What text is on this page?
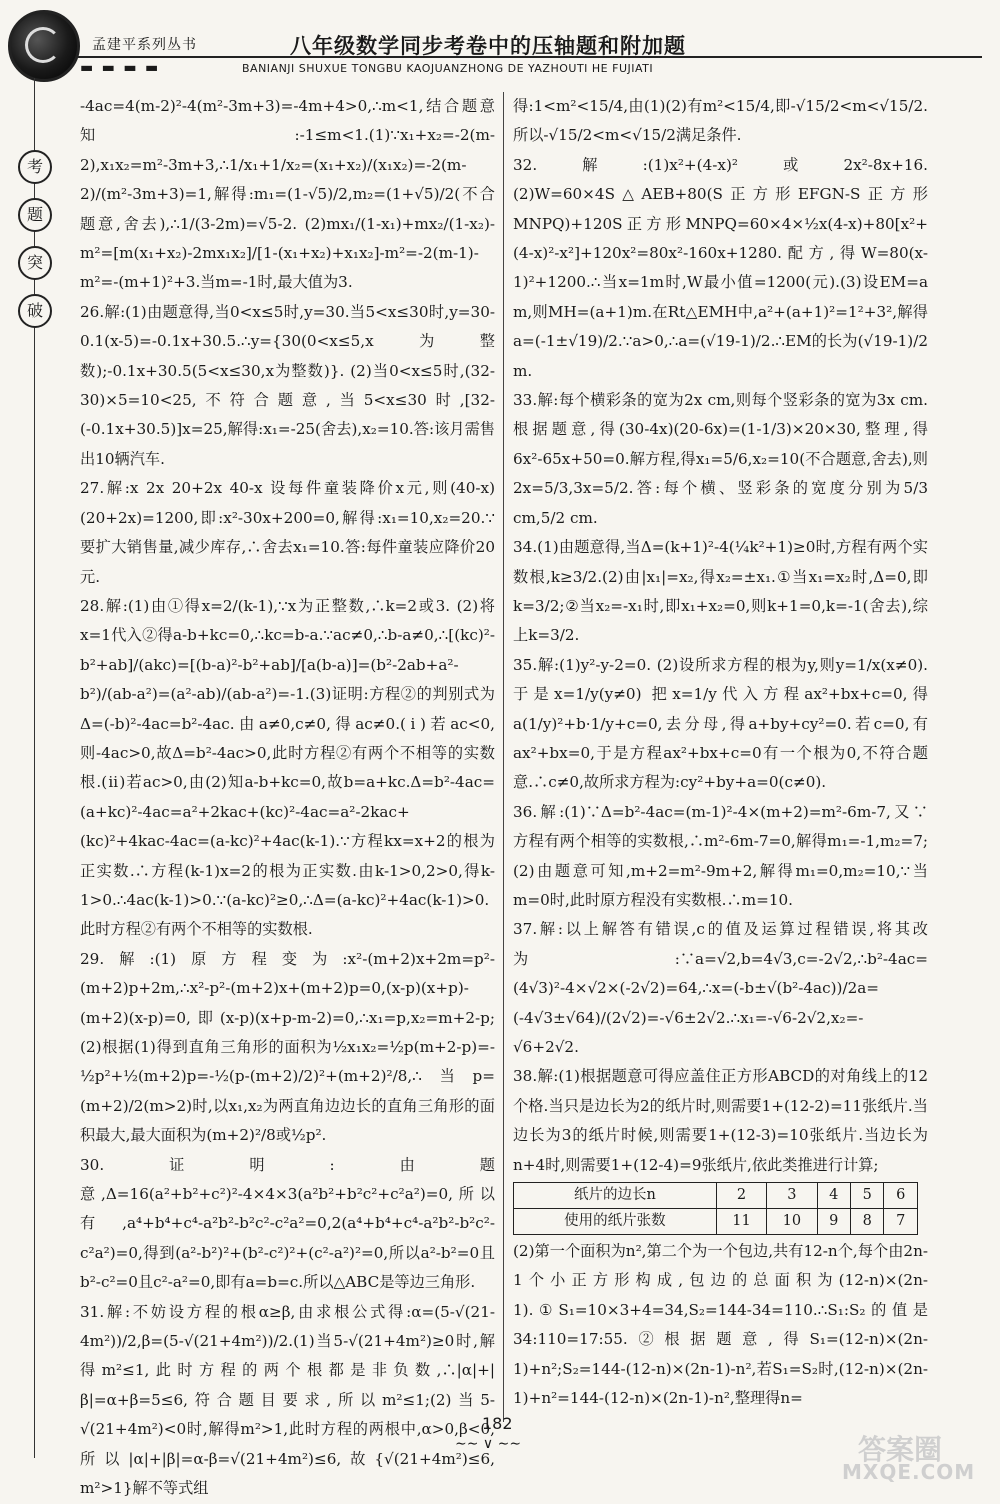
孟建平系列丛书
▬ ▬ ▬ ▬
八年级数学同步考卷中的压轴题和附加题
BANIANJI SHUXUE TONGBU KAOJUANZHONG DE YAZHOUTI HE FUJIATI
考
题
突
破

-4ac=4(m-2)²-4(m²-3m+3)=-4m+4>0,∴m<1,结合题意知:-1≤m<1.(1)∵x₁+x₂=-2(m-2),x₁x₂=m²-3m+3,∴1/x₁+1/x₂=(x₁+x₂)/(x₁x₂)=-2(m-2)/(m²-3m+3)=1,解得:m₁=(1-√5)/2,m₂=(1+√5)/2(不合题意,舍去),∴1/(3-2m)=√5-2. (2)mx₁/(1-x₁)+mx₂/(1-x₂)-m²=[m(x₁+x₂)-2mx₁x₂]/[1-(x₁+x₂)+x₁x₂]-m²=-2(m-1)-m²=-(m+1)²+3.当m=-1时,最大值为3.

26.解:(1)由题意得,当0<x≤5时,y=30.当5<x≤30时,y=30-0.1(x-5)=-0.1x+30.5.∴y={30(0<x≤5,x为整数);-0.1x+30.5(5<x≤30,x为整数)}. (2)当0<x≤5时,(32-30)×5=10<25,不符合题意,当5<x≤30时,[32-(-0.1x+30.5)]x=25,解得:x₁=-25(舍去),x₂=10.答:该月需售出10辆汽车.

27.解:x 2x 20+2x 40-x 设每件童装降价x元,则(40-x)(20+2x)=1200,即:x²-30x+200=0,解得:x₁=10,x₂=20.∵要扩大销售量,减少库存,∴舍去x₁=10.答:每件童装应降价20元.

28.解:(1)由①得x=2/(k-1),∵x为正整数,∴k=2或3. (2)将x=1代入②得a-b+kc=0,∴kc=b-a.∵ac≠0,∴b-a≠0,∴[(kc)²-b²+ab]/(akc)=[(b-a)²-b²+ab]/[a(b-a)]=(b²-2ab+a²-b²)/(ab-a²)=(a²-ab)/(ab-a²)=-1.(3)证明:方程②的判别式为Δ=(-b)²-4ac=b²-4ac.由a≠0,c≠0,得ac≠0.(ⅰ)若ac<0,则-4ac>0,故Δ=b²-4ac>0,此时方程②有两个不相等的实数根.(ⅱ)若ac>0,由(2)知a-b+kc=0,故b=a+kc.Δ=b²-4ac=(a+kc)²-4ac=a²+2kac+(kc)²-4ac=a²-2kac+(kc)²+4kac-4ac=(a-kc)²+4ac(k-1).∵方程kx=x+2的根为正实数.∴方程(k-1)x=2的根为正实数.由k-1>0,2>0,得k-1>0.∴4ac(k-1)>0.∵(a-kc)²≥0,∴Δ=(a-kc)²+4ac(k-1)>0.此时方程②有两个不相等的实数根.

29.解:(1)原方程变为:x²-(m+2)x+2m=p²-(m+2)p+2m,∴x²-p²-(m+2)x+(m+2)p=0,(x-p)(x+p)-(m+2)(x-p)=0,即(x-p)(x+p-m-2)=0,∴x₁=p,x₂=m+2-p;(2)根据(1)得到直角三角形的面积为½x₁x₂=½p(m+2-p)=-½p²+½(m+2)p=-½(p-(m+2)/2)²+(m+2)²/8,∴当p=(m+2)/2(m>2)时,以x₁,x₂为两直角边边长的直角三角形的面积最大,最大面积为(m+2)²/8或½p².

30.证明:由题意,Δ=16(a²+b²+c²)²-4×4×3(a²b²+b²c²+c²a²)=0,所以有,a⁴+b⁴+c⁴-a²b²-b²c²-c²a²=0,2(a⁴+b⁴+c⁴-a²b²-b²c²-c²a²)=0,得到(a²-b²)²+(b²-c²)²+(c²-a²)²=0,所以a²-b²=0且b²-c²=0且c²-a²=0,即有a=b=c.所以△ABC是等边三角形.

31.解:不妨设方程的根α≥β,由求根公式得:α=(5-√(21-4m²))/2,β=(5-√(21+4m²))/2.(1)当5-√(21+4m²)≥0时,解得m²≤1,此时方程的两个根都是非负数,∴|α|+|β|=α+β=5≤6,符合题目要求,所以m²≤1;(2)当5-√(21+4m²)<0时,解得m²>1,此时方程的两根中,α>0,β<0,所以|α|+|β|=α-β=√(21+4m²)≤6,故{√(21+4m²)≤6, m²>1}解不等式组

得:1<m²<15/4,由(1)(2)有m²<15/4,即-√15/2<m<√15/2.所以-√15/2<m<√15/2满足条件.

32.解:(1)x²+(4-x)²或2x²-8x+16.(2)W=60×4S△AEB+80(S正方形EFGN-S正方形MNPQ)+120S正方形MNPQ=60×4×½x(4-x)+80[x²+(4-x)²-x²]+120x²=80x²-160x+1280.配方,得W=80(x-1)²+1200.∴当x=1m时,W最小值=1200(元).(3)设EM=a m,则MH=(a+1)m.在Rt△EMH中,a²+(a+1)²=1²+3²,解得a=(-1±√19)/2.∵a>0,∴a=(√19-1)/2.∴EM的长为(√19-1)/2 m.

33.解:每个横彩条的宽为2x cm,则每个竖彩条的宽为3x cm.根据题意,得(30-4x)(20-6x)=(1-1/3)×20×30,整理,得6x²-65x+50=0.解方程,得x₁=5/6,x₂=10(不合题意,舍去),则2x=5/3,3x=5/2.答:每个横、竖彩条的宽度分别为5/3 cm,5/2 cm.

34.(1)由题意得,当Δ=(k+1)²-4(¼k²+1)≥0时,方程有两个实数根,k≥3/2.(2)由|x₁|=x₂,得x₂=±x₁.①当x₁=x₂时,Δ=0,即k=3/2;②当x₂=-x₁时,即x₁+x₂=0,则k+1=0,k=-1(舍去),综上k=3/2.

35.解:(1)y²-y-2=0. (2)设所求方程的根为y,则y=1/x(x≠0).于是x=1/y(y≠0) 把x=1/y代入方程ax²+bx+c=0,得a(1/y)²+b·1/y+c=0,去分母,得a+by+cy²=0.若c=0,有ax²+bx=0,于是方程ax²+bx+c=0有一个根为0,不符合题意.∴c≠0,故所求方程为:cy²+by+a=0(c≠0).

36.解:(1)∵Δ=b²-4ac=(m-1)²-4×(m+2)=m²-6m-7,又∵方程有两个相等的实数根,∴m²-6m-7=0,解得m₁=-1,m₂=7;(2)由题意可知,m+2=m²-9m+2,解得m₁=0,m₂=10,∵当m=0时,此时原方程没有实数根.∴m=10.

37.解:以上解答有错误,c的值及运算过程错误,将其改为:∵a=√2,b=4√3,c=-2√2,∴b²-4ac=(4√3)²-4×√2×(-2√2)=64,∴x=(-b±√(b²-4ac))/2a=(-4√3±√64)/(2√2)=-√6±2√2.∴x₁=-√6-2√2,x₂=-√6+2√2.

38.解:(1)根据题意可得应盖住正方形ABCD的对角线上的12个格.当只是边长为2的纸片时,则需要1+(12-2)=11张纸片.当边长为3的纸片时候,则需要1+(12-3)=10张纸片.当边长为n+4时,则需要1+(12-4)=9张纸片,依此类推进行计算;

纸片的边长n	2	3	4	5	6
使用的纸片张数	11	10	9	8	7

(2)第一个面积为n²,第二个为一个包边,共有12-n个,每个由2n-1个小正方形构成,包边的总面积为(12-n)×(2n-1).①S₁=10×3+4=34,S₂=144-34=110.∴S₁:S₂的值是34:110=17:55.②根据题意,得S₁=(12-n)×(2n-1)+n²;S₂=144-(12-n)×(2n-1)-n²,若S₁=S₂时,(12-n)×(2n-1)+n²=144-(12-n)×(2n-1)-n²,整理得n=

182
∼∼ ∨ ∼∼	答案圈
MXQE.COM
